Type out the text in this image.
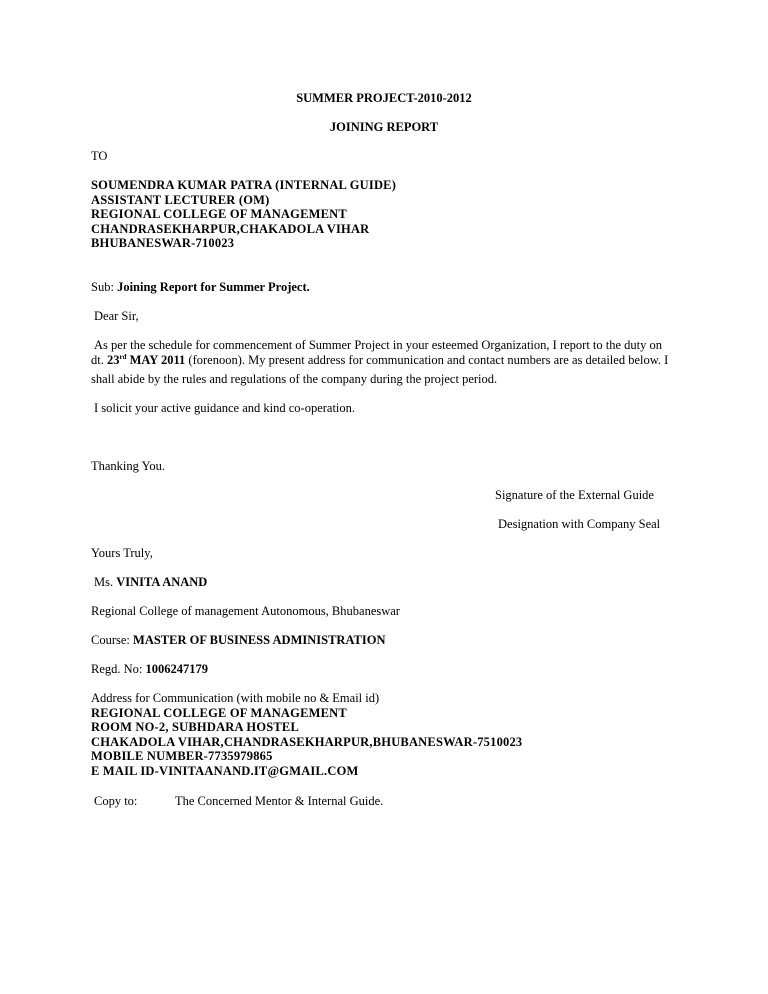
SUMMER PROJECT-2010-2012
JOINING REPORT
TO
SOUMENDRA KUMAR PATRA (INTERNAL GUIDE)
ASSISTANT LECTURER (OM)
REGIONAL COLLEGE OF MANAGEMENT
CHANDRASEKHARPUR,CHAKADOLA VIHAR
BHUBANESWAR-710023
Sub: Joining Report for Summer Project.
Dear Sir,
As per the schedule for commencement of Summer Project in your esteemed Organization, I report to the duty on
dt. 23rd MAY 2011 (forenoon). My present address for communication and contact numbers are as detailed below. I
shall abide by the rules and regulations of the company during the project period.
I solicit your active guidance and kind co-operation.
Thanking You.
Signature of the External Guide
Designation with Company Seal
Yours Truly,
Ms. VINITA ANAND
Regional College of management Autonomous, Bhubaneswar
Course: MASTER OF BUSINESS ADMINISTRATION
Regd. No: 1006247179
Address for Communication (with mobile no & Email id)
REGIONAL COLLEGE OF MANAGEMENT
ROOM NO-2, SUBHDARA HOSTEL
CHAKADOLA VIHAR,CHANDRASEKHARPUR,BHUBANESWAR-7510023
MOBILE NUMBER-7735979865
E MAIL ID-VINITAANAND.IT@GMAIL.COM
Copy to:	The Concerned Mentor & Internal Guide.
